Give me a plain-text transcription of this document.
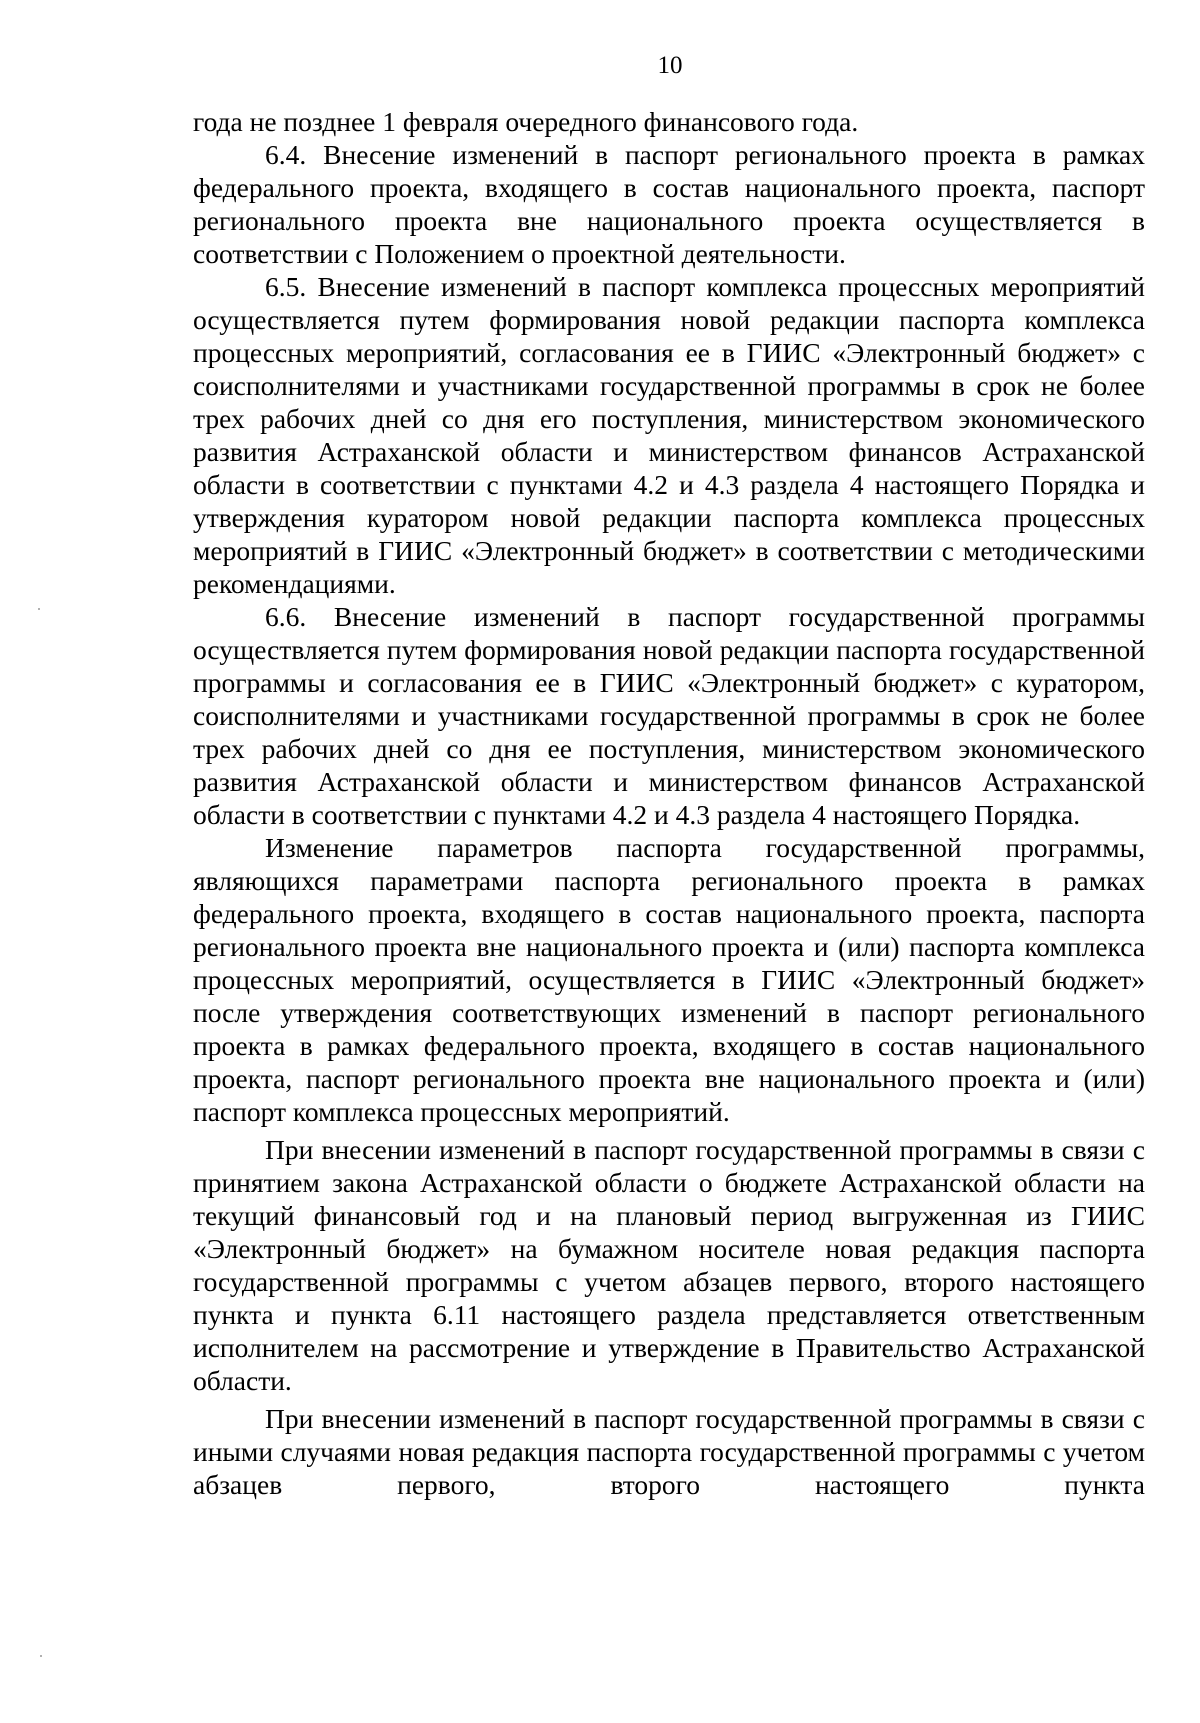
10

года не позднее 1 февраля очередного финансового года.

6.4. Внесение изменений в паспорт регионального проекта в рамках федерального проекта, входящего в состав национального проекта, паспорт регионального проекта вне национального проекта осуществляется в соответствии с Положением о проектной деятельности.

6.5. Внесение изменений в паспорт комплекса процессных мероприятий осуществляется путем формирования новой редакции паспорта комплекса процессных мероприятий, согласования ее в ГИИС «Электронный бюджет» с соисполнителями и участниками государственной программы в срок не более трех рабочих дней со дня его поступления, министерством экономического развития Астраханской области и министерством финансов Астраханской области в соответствии с пунктами 4.2 и 4.3 раздела 4 настоящего Порядка и утверждения куратором новой редакции паспорта комплекса процессных мероприятий в ГИИС «Электронный бюджет» в соответствии с методическими рекомендациями.

6.6. Внесение изменений в паспорт государственной программы осуществляется путем формирования новой редакции паспорта государственной программы и согласования ее в ГИИС «Электронный бюджет» с куратором, соисполнителями и участниками государственной программы в срок не более трех рабочих дней со дня ее поступления, министерством экономического развития Астраханской области и министерством финансов Астраханской области в соответствии с пунктами 4.2 и 4.3 раздела 4 настоящего Порядка.

Изменение параметров паспорта государственной программы, являющихся параметрами паспорта регионального проекта в рамках федерального проекта, входящего в состав национального проекта, паспорта регионального проекта вне национального проекта и (или) паспорта комплекса процессных мероприятий, осуществляется в ГИИС «Электронный бюджет» после утверждения соответствующих изменений в паспорт регионального проекта в рамках федерального проекта, входящего в состав национального проекта, паспорт регионального проекта вне национального проекта и (или) паспорт комплекса процессных мероприятий.

При внесении изменений в паспорт государственной программы в связи с принятием закона Астраханской области о бюджете Астраханской области на текущий финансовый год и на плановый период выгруженная из ГИИС «Электронный бюджет» на бумажном носителе новая редакция паспорта государственной программы с учетом абзацев первого, второго настоящего пункта и пункта 6.11 настоящего раздела представляется ответственным исполнителем на рассмотрение и утверждение в Правительство Астраханской области.

При внесении изменений в паспорт государственной программы в связи с иными случаями новая редакция паспорта государственной программы с учетом абзацев первого, второго настоящего пункта
